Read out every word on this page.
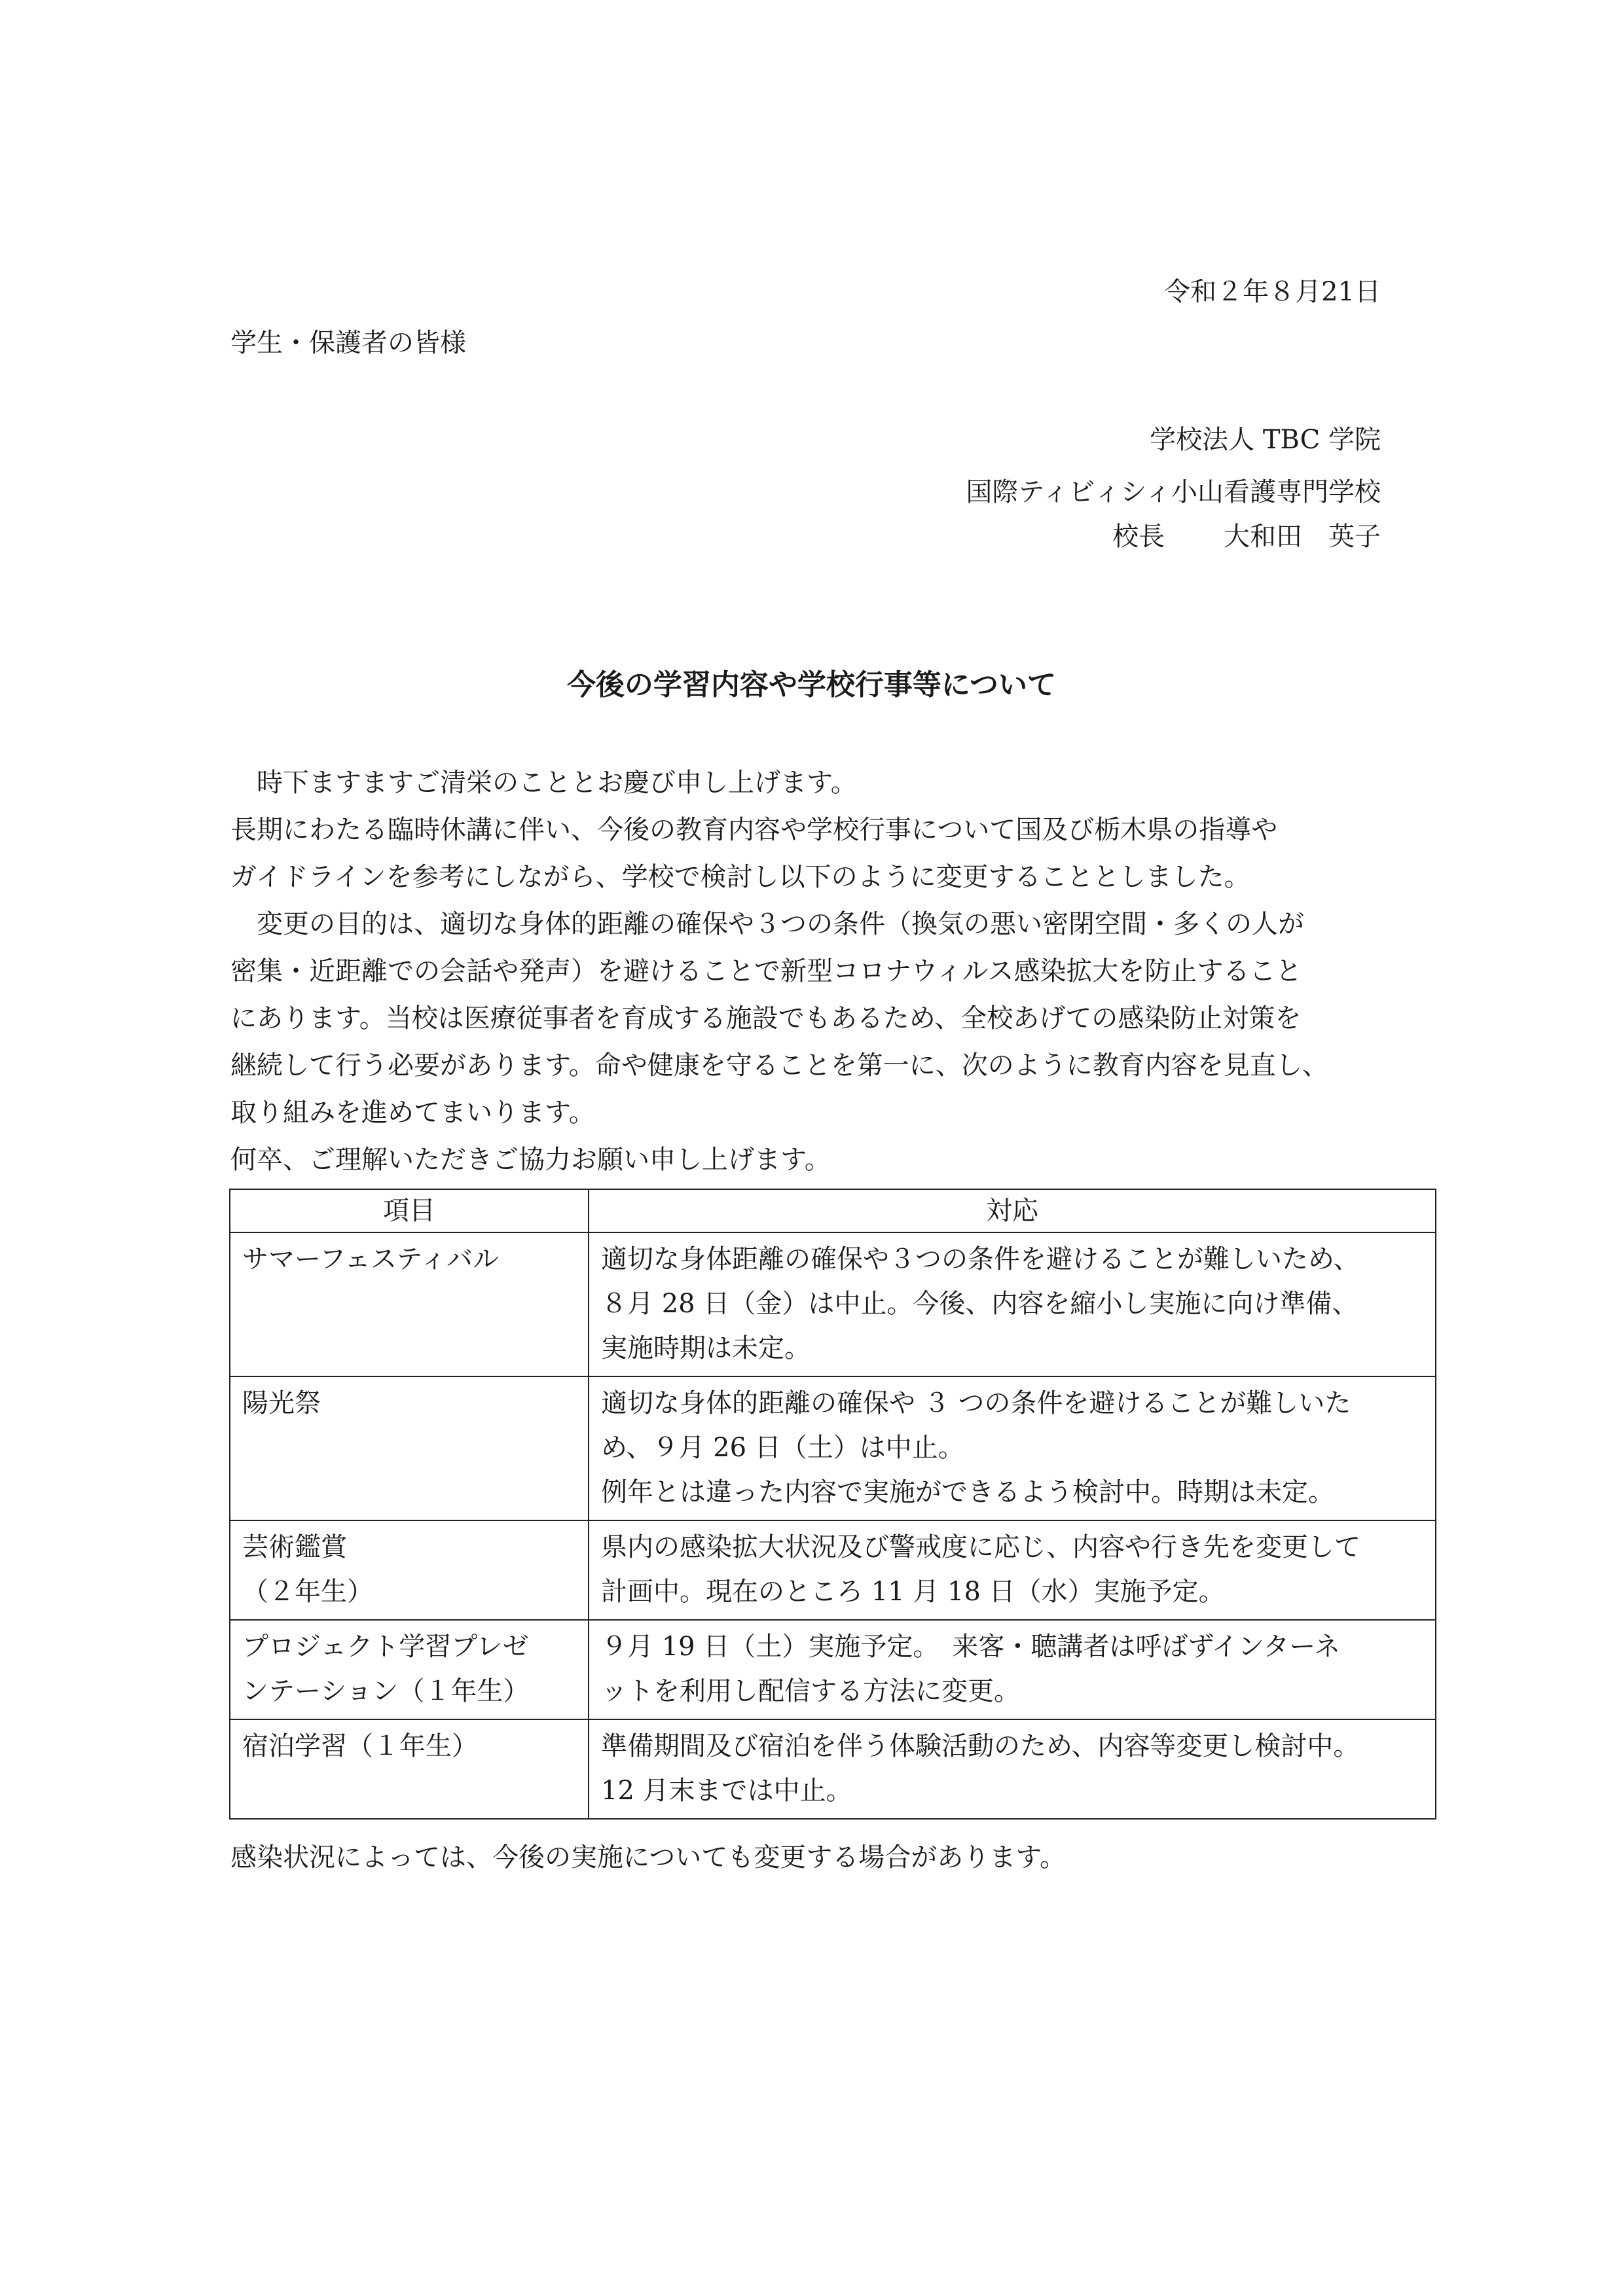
令和２年８月21日
学生・保護者の皆様
学校法人 TBC 学院
国際ティビィシィ小山看護専門学校
校長 大和田　英子
今後の学習内容や学校行事等について

　時下ますますご清栄のこととお慶び申し上げます。

長期にわたる臨時休講に伴い、今後の教育内容や学校行事について国及び栃木県の指導や

ガイドラインを参考にしながら、学校で検討し以下のように変更することとしました。

　変更の目的は、適切な身体的距離の確保や３つの条件（換気の悪い密閉空間・多くの人が

密集・近距離での会話や発声）を避けることで新型コロナウィルス感染拡大を防止すること

にあります。当校は医療従事者を育成する施設でもあるため、全校あげての感染防止対策を

継続して行う必要があります。命や健康を守ることを第一に、次のように教育内容を見直し、

取り組みを進めてまいります。

何卒、ご理解いただきご協力お願い申し上げます。

項目	対応

サマーフェスティバル	適切な身体距離の確保や３つの条件を避けることが難しいため、
８月 28 日（金）は中止。今後、内容を縮小し実施に向け準備、
実施時期は未定。

陽光祭	適切な身体的距離の確保や ３ つの条件を避けることが難しいた
め、９月 26 日（土）は中止。
例年とは違った内容で実施ができるよう検討中。時期は未定。

芸術鑑賞
（２年生）	県内の感染拡大状況及び警戒度に応じ、内容や行き先を変更して
計画中。現在のところ 11 月 18 日（水）実施予定。

プロジェクト学習プレゼ
ンテーション（１年生）	９月 19 日（土）実施予定。　来客・聴講者は呼ばずインターネ
ットを利用し配信する方法に変更。

宿泊学習（１年生）	準備期間及び宿泊を伴う体験活動のため、内容等変更し検討中。
12 月末までは中止。
感染状況によっては、今後の実施についても変更する場合があります。
